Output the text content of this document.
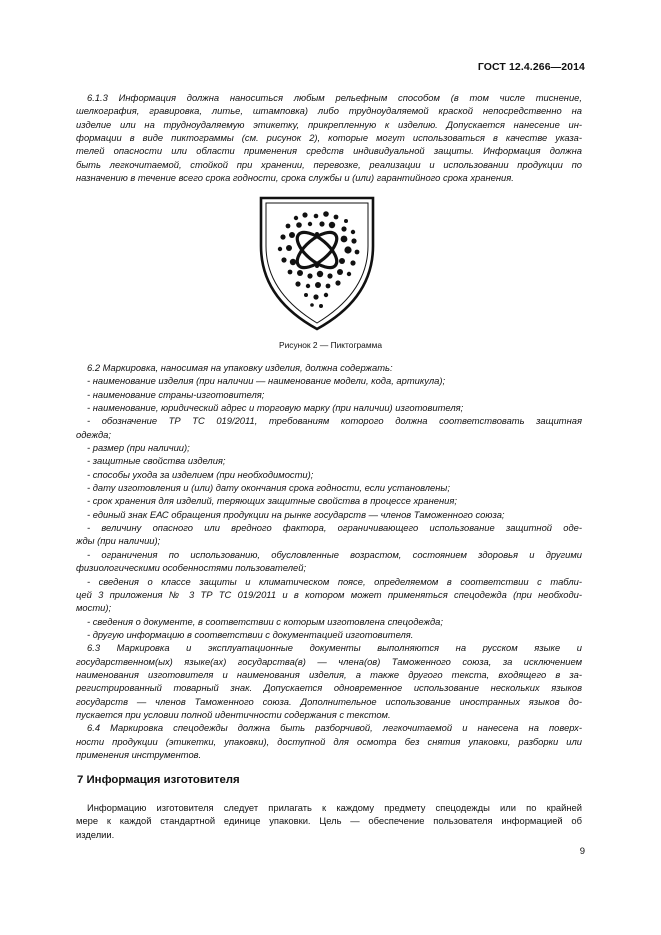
ГОСТ 12.4.266—2014
6.1.3 Информация должна наноситься любым рельефным способом (в том числе тиснение,
шелкография, гравировка, литье, штамповка) либо трудноудаляемой краской непосредственно на
изделие или на трудноудаляемую этикетку, прикрепленную к изделию. Допускается нанесение ин-
формации в виде пиктограммы (см. рисунок 2), которые могут использоваться в качестве указа-
телей опасности или области применения средств индивидуальной защиты. Информация должна
быть легкочитаемой, стойкой при хранении, перевозке, реализации и использовании продукции по
назначению в течение всего срока годности, срока службы и (или) гарантийного срока хранения.
Рисунок 2 — Пиктограмма
6.2 Маркировка, наносимая на упаковку изделия, должна содержать:
- наименование изделия (при наличии — наименование модели, кода, артикула);
- наименование страны-изготовителя;
- наименование, юридический адрес и торговую марку (при наличии) изготовителя;
- обозначение ТР ТС 019/2011, требованиям которого должна соответствовать защитная
одежда;
- размер (при наличии);
- защитные свойства изделия;
- способы ухода за изделием (при необходимости);
- дату изготовления и (или) дату окончания срока годности, если установлены;
- срок хранения для изделий, теряющих защитные свойства в процессе хранения;
- единый знак ЕАС обращения продукции на рынке государств — членов Таможенного союза;
- величину опасного или вредного фактора, ограничивающего использование защитной оде-
жды (при наличии);
- ограничения по использованию, обусловленные возрастом, состоянием здоровья и другими
физиологическими особенностями пользователей;
- сведения о классе защиты и климатическом поясе, определяемом в соответствии с табли-
цей 3 приложения № 3 ТР ТС 019/2011 и в котором может применяться спецодежда (при необходи-
мости);
- сведения о документе, в соответствии с которым изготовлена спецодежда;
- другую информацию в соответствии с документацией изготовителя.
6.3 Маркировка и эксплуатационные документы выполняются на русском языке и
государственном(ых) языке(ах) государства(в) — члена(ов) Таможенного союза, за исключением
наименования изготовителя и наименования изделия, а также другого текста, входящего в за-
регистрированный товарный знак. Допускается одновременное использование нескольких языков
государств — членов Таможенного союза. Дополнительное использование иностранных языков до-
пускается при условии полной идентичности содержания с текстом.
6.4 Маркировка спецодежды должна быть разборчивой, легкочитаемой и нанесена на поверх-
ности продукции (этикетки, упаковки), доступной для осмотра без снятия упаковки, разборки или
применения инструментов.
7 Информация изготовителя
Информацию изготовителя следует прилагать к каждому предмету спецодежды или по крайней
мере к каждой стандартной единице упаковки. Цель — обеспечение пользователя информацией об
изделии.
9
